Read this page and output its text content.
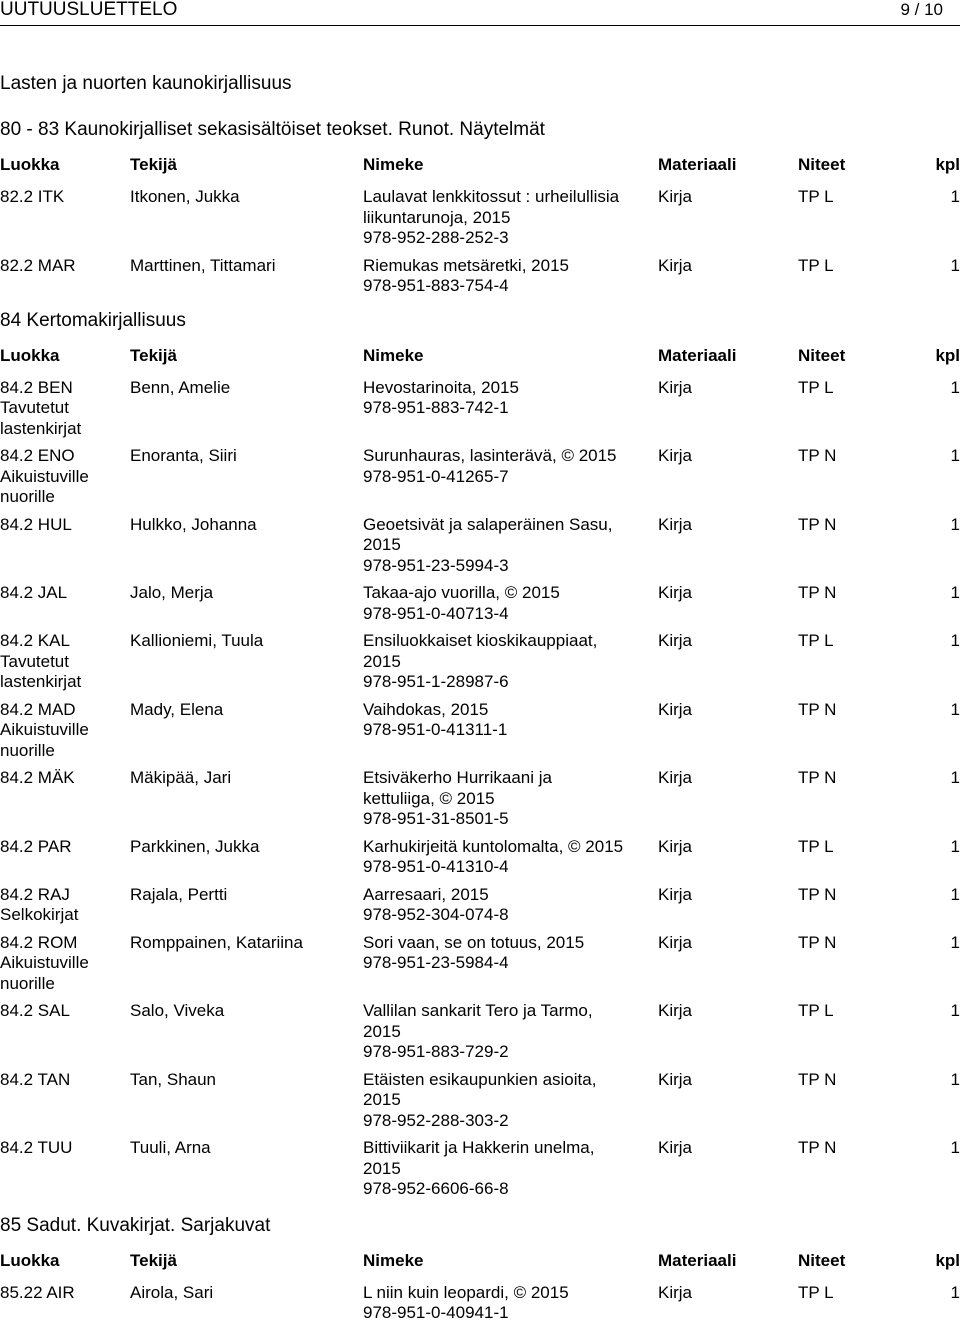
UUTUUSLUETTELO	9 / 10
Lasten ja nuorten kaunokirjallisuus
80 - 83 Kaunokirjalliset sekasisältöiset teokset. Runot. Näytelmät
Luokka	Tekijä	Nimeke	Materiaali	Niteet	kpl
82.2 ITK	Itkonen, Jukka	Laulavat lenkkitossut : urheilullisia
liikuntarunoja, 2015
978-952-288-252-3
Kirja	TP L	1
82.2 MAR	Marttinen, Tittamari	Riemukas metsäretki, 2015
978-951-883-754-4
Kirja	TP L	1
84 Kertomakirjallisuus
Luokka	Tekijä	Nimeke	Materiaali	Niteet	kpl
84.2 BEN
Tavutetut
lastenkirjat
Benn, Amelie	Hevostarinoita, 2015
978-951-883-742-1
Kirja	TP L	1
84.2 ENO
Aikuistuville
nuorille
Enoranta, Siiri	Surunhauras, lasinterävä, © 2015
978-951-0-41265-7
Kirja	TP N	1
84.2 HUL	Hulkko, Johanna	Geoetsivät ja salaperäinen Sasu,
2015
978-951-23-5994-3
Kirja	TP N	1
84.2 JAL	Jalo, Merja	Takaa-ajo vuorilla, © 2015
978-951-0-40713-4
Kirja	TP N	1
84.2 KAL
Tavutetut
lastenkirjat
Kallioniemi, Tuula	Ensiluokkaiset kioskikauppiaat,
2015
978-951-1-28987-6
Kirja	TP L	1
84.2 MAD
Aikuistuville
nuorille
Mady, Elena	Vaihdokas, 2015
978-951-0-41311-1
Kirja	TP N	1
84.2 MÄK	Mäkipää, Jari	Etsiväkerho Hurrikaani ja
kettuliiga, © 2015
978-951-31-8501-5
Kirja	TP N	1
84.2 PAR	Parkkinen, Jukka	Karhukirjeitä kuntolomalta, © 2015
978-951-0-41310-4
Kirja	TP L	1
84.2 RAJ
Selkokirjat
Rajala, Pertti	Aarresaari, 2015
978-952-304-074-8
Kirja	TP N	1
84.2 ROM
Aikuistuville
nuorille
Romppainen, Katariina	Sori vaan, se on totuus, 2015
978-951-23-5984-4
Kirja	TP N	1
84.2 SAL	Salo, Viveka	Vallilan sankarit Tero ja Tarmo,
2015
978-951-883-729-2
Kirja	TP L	1
84.2 TAN	Tan, Shaun	Etäisten esikaupunkien asioita,
2015
978-952-288-303-2
Kirja	TP N	1
84.2 TUU	Tuuli, Arna	Bittiviikarit ja Hakkerin unelma,
2015
978-952-6606-66-8
Kirja	TP N	1
85 Sadut. Kuvakirjat. Sarjakuvat
Luokka	Tekijä	Nimeke	Materiaali	Niteet	kpl
85.22 AIR	Airola, Sari	L niin kuin leopardi, © 2015
978-951-0-40941-1
Kirja	TP L	1
